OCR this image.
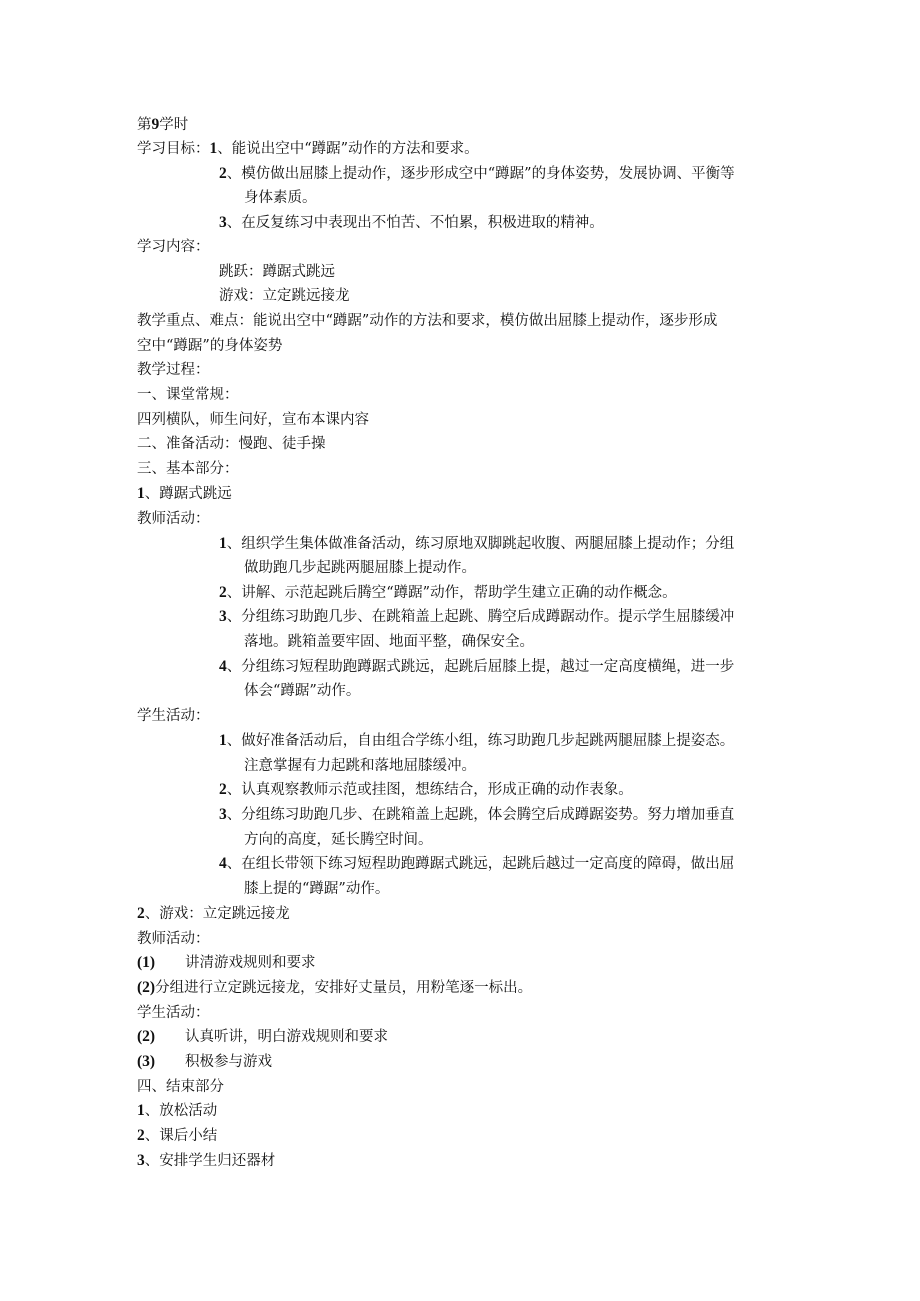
第9学时
学习目标：1、能说出空中“蹲踞”动作的方法和要求。
2、模仿做出屈膝上提动作，逐步形成空中“蹲踞”的身体姿势，发展协调、平衡等
身体素质。
3、在反复练习中表现出不怕苦、不怕累，积极进取的精神。
学习内容：
跳跃：蹲踞式跳远
游戏：立定跳远接龙
教学重点、难点：能说出空中“蹲踞”动作的方法和要求，模仿做出屈膝上提动作，逐步形成
空中“蹲踞”的身体姿势
教学过程：
一、课堂常规：
四列横队，师生问好，宣布本课内容
二、准备活动：慢跑、徒手操
三、基本部分：
1、蹲踞式跳远
教师活动：
1、组织学生集体做准备活动，练习原地双脚跳起收腹、两腿屈膝上提动作；分组
做助跑几步起跳两腿屈膝上提动作。
2、讲解、示范起跳后腾空“蹲踞”动作，帮助学生建立正确的动作概念。
3、分组练习助跑几步、在跳箱盖上起跳、腾空后成蹲踞动作。提示学生屈膝缓冲
落地。跳箱盖要牢固、地面平整，确保安全。
4、分组练习短程助跑蹲踞式跳远，起跳后屈膝上提，越过一定高度横绳，进一步
体会“蹲踞”动作。
学生活动：
1、做好准备活动后，自由组合学练小组，练习助跑几步起跳两腿屈膝上提姿态。
注意掌握有力起跳和落地屈膝缓冲。
2、认真观察教师示范或挂图，想练结合，形成正确的动作表象。
3、分组练习助跑几步、在跳箱盖上起跳，体会腾空后成蹲踞姿势。努力增加垂直
方向的高度，延长腾空时间。
4、在组长带领下练习短程助跑蹲踞式跳远，起跳后越过一定高度的障碍，做出屈
膝上提的“蹲踞”动作。
2、游戏：立定跳远接龙
教师活动：
(1) 讲清游戏规则和要求
(2)分组进行立定跳远接龙，安排好丈量员，用粉笔逐一标出。
学生活动：
(2) 认真听讲，明白游戏规则和要求
(3) 积极参与游戏
四、结束部分
1、放松活动
2、课后小结
3、安排学生归还器材
